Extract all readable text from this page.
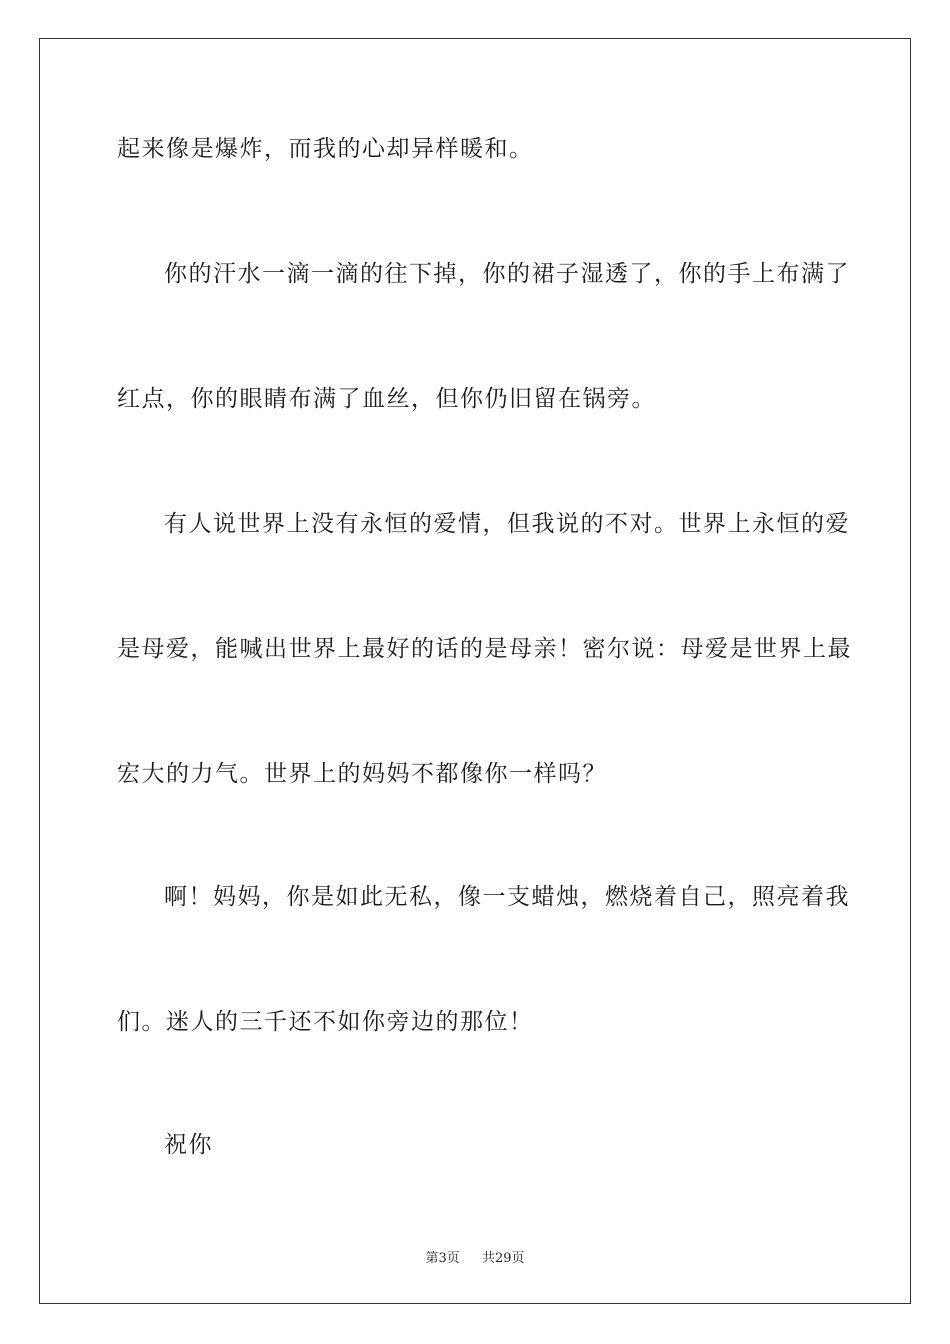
起来像是爆炸，而我的心却异样暖和。
你的汗水一滴一滴的往下掉，你的裙子湿透了，你的手上布满了
红点，你的眼睛布满了血丝，但你仍旧留在锅旁。
有人说世界上没有永恒的爱情，但我说的不对。世界上永恒的爱
是母爱，能喊出世界上最好的话的是母亲！密尔说：母爱是世界上最
宏大的力气。世界上的妈妈不都像你一样吗？
啊！妈妈，你是如此无私，像一支蜡烛，燃烧着自己，照亮着我
们。迷人的三千还不如你旁边的那位！
祝你
第3页 共29页
